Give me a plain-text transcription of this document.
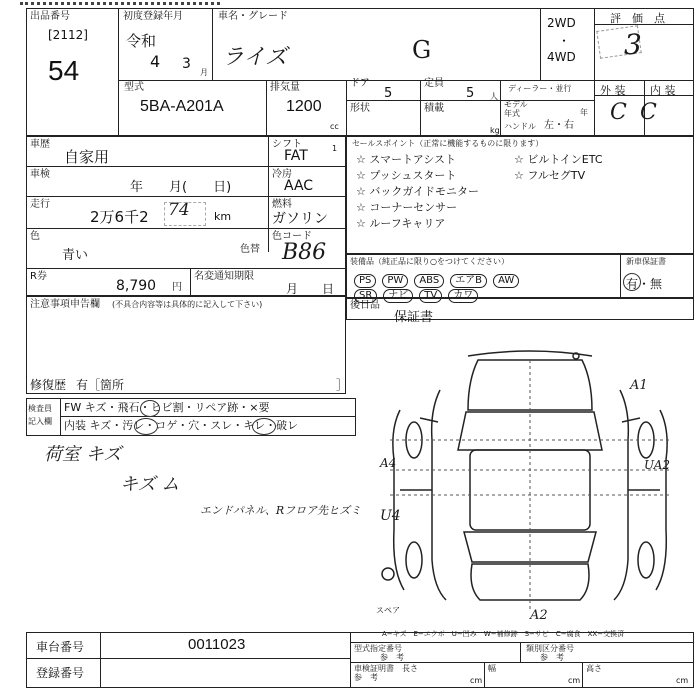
出品番号
[2112]
54
初度登録年月
令和
4 3
月
車名・グレード
ライズ	G
2WD
・
4WD
評　価　点
3
外 装 内 装
C C
型式
5BA-A201A
排気量
1200
cc
ドア
5
定員
5 人
ディーラー・並行
形状	積載
kg
モデル
年式	年
ハンドル 左・右
車歴
自家用
シフト
FAT	1
車検
年　　月(　　日)
冷房
AAC
走行
2万6千2 74 km
燃料
ガソリン
色
青い	色替
色コード
B86
R券
8,790 円
名変通知期限
月　　日
注意事項申告欄 (不具合内容等は具体的に記入して下さい)
修復歴 有［箇所	］
検査員
記入欄
FW キズ・飛石・ヒビ割・リペア跡・×要
内装 キズ・汚レ・コゲ・穴・スレ・キレ・破レ
荷室 キズ
キズ ム
エンドパネル、Rフロア先ヒズミ
セールスポイント（正常に機能するものに限ります）
☆ スマートアシスト
☆ プッシュスタート
☆ バックガイドモニター
☆ コーナーセンサー
☆ ルーフキャリア
☆ ビルトインETC
☆ フルセグTV
装備品（純正品に限り○をつけてください）
PS PW ABS エアB AW
SR ナビ TV カワ
新車保証書
有・無
後日品
保証書
A1
A4	UA2
U4
A2
スペア
A−キズ　E−エクボ　U−凹み　W−補修跡　S−サビ　C−腐食　XX−交換済
車台番号	0011023
登録番号
型式指定番号
参　考
類別区分番号
参　考
車検証明書
参　考
長さ
cm
幅
cm
高さ
cm
